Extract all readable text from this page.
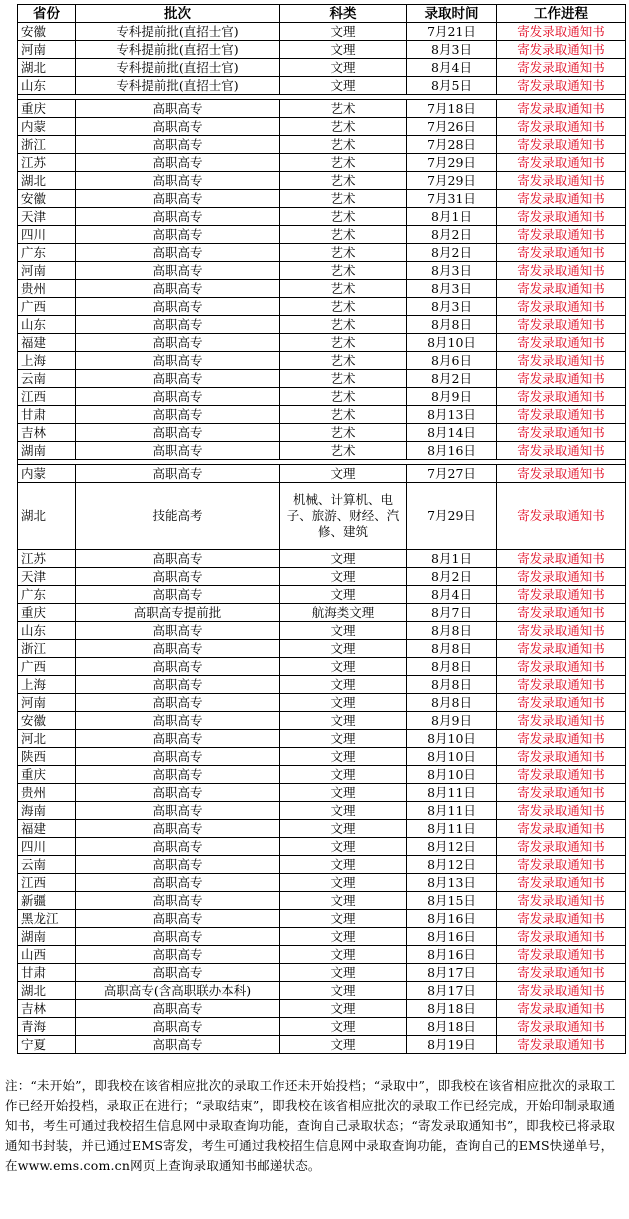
省份	批次	科类	录取时间	工作进程
安徽	专科提前批(直招士官)	文理	7月21日	寄发录取通知书
河南	专科提前批(直招士官)	文理	8月3日	寄发录取通知书
湖北	专科提前批(直招士官)	文理	8月4日	寄发录取通知书
山东	专科提前批(直招士官)	文理	8月5日	寄发录取通知书

重庆	高职高专	艺术	7月18日	寄发录取通知书
内蒙	高职高专	艺术	7月26日	寄发录取通知书
浙江	高职高专	艺术	7月28日	寄发录取通知书
江苏	高职高专	艺术	7月29日	寄发录取通知书
湖北	高职高专	艺术	7月29日	寄发录取通知书
安徽	高职高专	艺术	7月31日	寄发录取通知书
天津	高职高专	艺术	8月1日	寄发录取通知书
四川	高职高专	艺术	8月2日	寄发录取通知书
广东	高职高专	艺术	8月2日	寄发录取通知书
河南	高职高专	艺术	8月3日	寄发录取通知书
贵州	高职高专	艺术	8月3日	寄发录取通知书
广西	高职高专	艺术	8月3日	寄发录取通知书
山东	高职高专	艺术	8月8日	寄发录取通知书
福建	高职高专	艺术	8月10日	寄发录取通知书
上海	高职高专	艺术	8月6日	寄发录取通知书
云南	高职高专	艺术	8月2日	寄发录取通知书
江西	高职高专	艺术	8月9日	寄发录取通知书
甘肃	高职高专	艺术	8月13日	寄发录取通知书
吉林	高职高专	艺术	8月14日	寄发录取通知书
湖南	高职高专	艺术	8月16日	寄发录取通知书

内蒙	高职高专	文理	7月27日	寄发录取通知书
湖北	技能高考	机械、计算机、电子、旅游、财经、汽修、建筑	7月29日	寄发录取通知书
江苏	高职高专	文理	8月1日	寄发录取通知书
天津	高职高专	文理	8月2日	寄发录取通知书
广东	高职高专	文理	8月4日	寄发录取通知书
重庆	高职高专提前批	航海类文理	8月7日	寄发录取通知书
山东	高职高专	文理	8月8日	寄发录取通知书
浙江	高职高专	文理	8月8日	寄发录取通知书
广西	高职高专	文理	8月8日	寄发录取通知书
上海	高职高专	文理	8月8日	寄发录取通知书
河南	高职高专	文理	8月8日	寄发录取通知书
安徽	高职高专	文理	8月9日	寄发录取通知书
河北	高职高专	文理	8月10日	寄发录取通知书
陕西	高职高专	文理	8月10日	寄发录取通知书
重庆	高职高专	文理	8月10日	寄发录取通知书
贵州	高职高专	文理	8月11日	寄发录取通知书
海南	高职高专	文理	8月11日	寄发录取通知书
福建	高职高专	文理	8月11日	寄发录取通知书
四川	高职高专	文理	8月12日	寄发录取通知书
云南	高职高专	文理	8月12日	寄发录取通知书
江西	高职高专	文理	8月13日	寄发录取通知书
新疆	高职高专	文理	8月15日	寄发录取通知书
黑龙江	高职高专	文理	8月16日	寄发录取通知书
湖南	高职高专	文理	8月16日	寄发录取通知书
山西	高职高专	文理	8月16日	寄发录取通知书
甘肃	高职高专	文理	8月17日	寄发录取通知书
湖北	高职高专(含高职联办本科)	文理	8月17日	寄发录取通知书
吉林	高职高专	文理	8月18日	寄发录取通知书
青海	高职高专	文理	8月18日	寄发录取通知书
宁夏	高职高专	文理	8月19日	寄发录取通知书
注：“未开始”，即我校在该省相应批次的录取工作还未开始投档；“录取中”，即我校在该省相应批次的录取工作已经开始投档，录取正在进行；“录取结束”，即我校在该省相应批次的录取工作已经完成，开始印制录取通知书，考生可通过我校招生信息网中录取查询功能，查询自己录取状态；“寄发录取通知书”，即我校已将录取通知书封装，并已通过EMS寄发，考生可通过我校招生信息网中录取查询功能，查询自己的EMS快递单号，在www.ems.com.cn网页上查询录取通知书邮递状态。
